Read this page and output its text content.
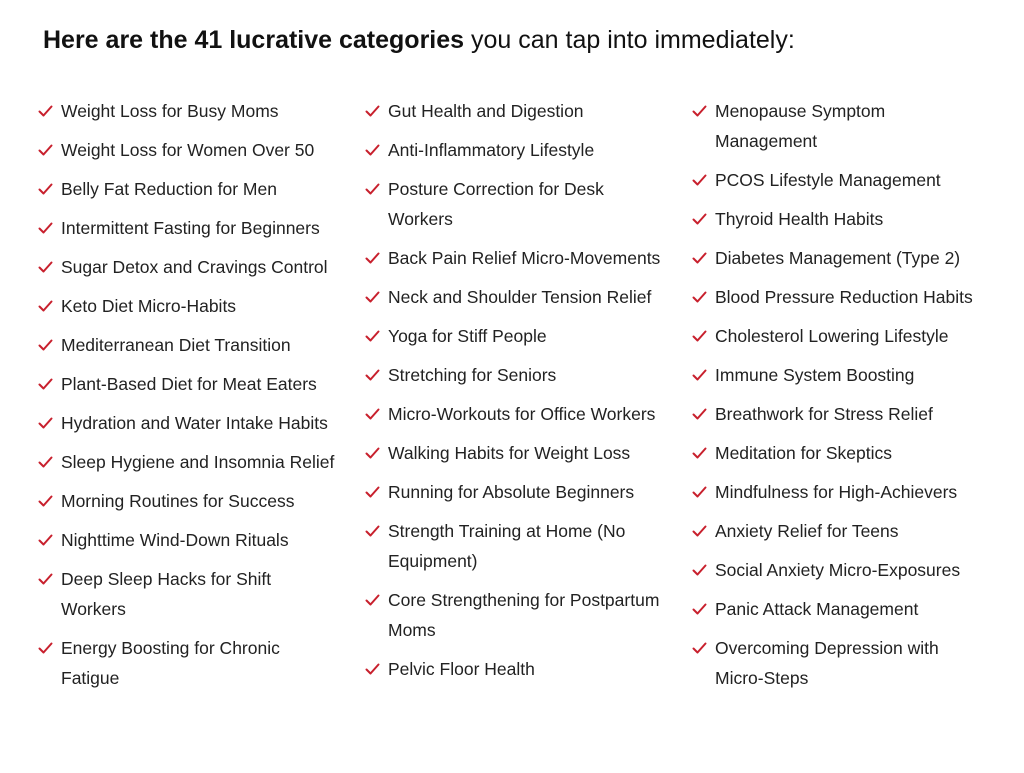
Here are the 41 lucrative categories you can tap into immediately:
Weight Loss for Busy Moms
Weight Loss for Women Over 50
Belly Fat Reduction for Men
Intermittent Fasting for Beginners
Sugar Detox and Cravings Control
Keto Diet Micro-Habits
Mediterranean Diet Transition
Plant-Based Diet for Meat Eaters
Hydration and Water Intake Habits
Sleep Hygiene and Insomnia Relief
Morning Routines for Success
Nighttime Wind-Down Rituals
Deep Sleep Hacks for Shift Workers
Energy Boosting for Chronic Fatigue
Gut Health and Digestion
Anti-Inflammatory Lifestyle
Posture Correction for Desk Workers
Back Pain Relief Micro-Movements
Neck and Shoulder Tension Relief
Yoga for Stiff People
Stretching for Seniors
Micro-Workouts for Office Workers
Walking Habits for Weight Loss
Running for Absolute Beginners
Strength Training at Home (No Equipment)
Core Strengthening for Postpartum Moms
Pelvic Floor Health
Menopause Symptom Management
PCOS Lifestyle Management
Thyroid Health Habits
Diabetes Management (Type 2)
Blood Pressure Reduction Habits
Cholesterol Lowering Lifestyle
Immune System Boosting
Breathwork for Stress Relief
Meditation for Skeptics
Mindfulness for High-Achievers
Anxiety Relief for Teens
Social Anxiety Micro-Exposures
Panic Attack Management
Overcoming Depression with Micro-Steps
